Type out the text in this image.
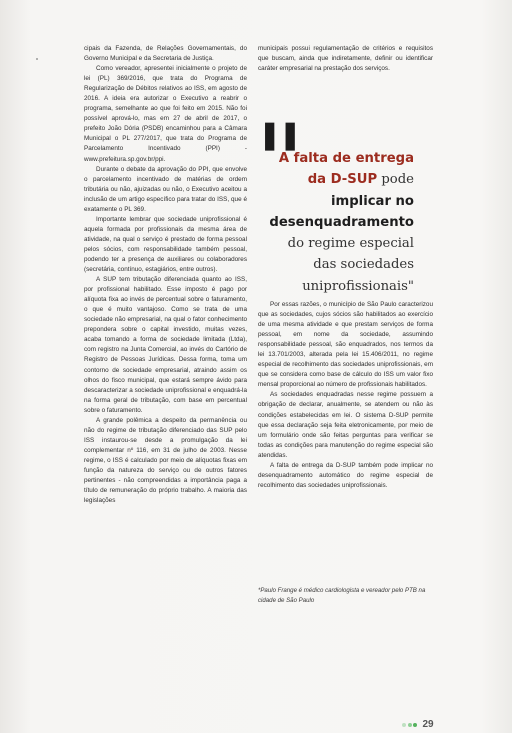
cipais da Fazenda, de Relações Governamentais, do Governo Municipal e da Secretaria de Justiça.

Como vereador, apresentei inicialmente o projeto de lei (PL) 369/2016, que trata do Programa de Regularização de Débitos relativos ao ISS, em agosto de 2016. A ideia era autorizar o Executivo a reabrir o programa, semelhante ao que foi feito em 2015. Não foi possível aprová-lo, mas em 27 de abril de 2017, o prefeito João Dória (PSDB) encaminhou para a Câmara Municipal o PL 277/2017, que trata do Programa de Parcelamento Incentivado (PPI) - www.prefeitura.sp.gov.br/ppi.

Durante o debate da aprovação do PPI, que envolve o parcelamento incentivado de matérias de ordem tributária ou não, ajuizadas ou não, o Executivo aceitou a inclusão de um artigo específico para tratar do ISS, que é exatamente o PL 369.

Importante lembrar que sociedade uniprofissional é aquela formada por profissionais da mesma área de atividade, na qual o serviço é prestado de forma pessoal pelos sócios, com responsabilidade também pessoal, podendo ter a presença de auxiliares ou colaboradores (secretária, contínuo, estagiários, entre outros).

A SUP tem tributação diferenciada quanto ao ISS, por profissional habilitado. Esse imposto é pago por alíquota fixa ao invés de percentual sobre o faturamento, o que é muito vantajoso. Como se trata de uma sociedade não empresarial, na qual o fator conhecimento prepondera sobre o capital investido, muitas vezes, acaba tomando a forma de sociedade limitada (Ltda), com registro na Junta Comercial, ao invés do Cartório de Registro de Pessoas Jurídicas. Dessa forma, toma um contorno de sociedade empresarial, atraindo assim os olhos do fisco municipal, que estará sempre ávido para descaracterizar a sociedade uniprofissional e enquadrá-la na forma geral de tributação, com base em percentual sobre o faturamento.

A grande polêmica a despeito da permanência ou não do regime de tributação diferenciado das SUP pelo ISS instaurou-se desde a promulgação da lei complementar nº 116, em 31 de julho de 2003. Nesse regime, o ISS é calculado por meio de alíquotas fixas em função da natureza do serviço ou de outros fatores pertinentes - não compreendidas a importância paga a título de remuneração do próprio trabalho. A maioria das legislações

municipais possui regulamentação de critérios e requisitos que buscam, ainda que indiretamente, definir ou identificar caráter empresarial na prestação dos serviços.

❚❚
A falta de entrega da D-SUP pode implicar no desenquadramento do regime especial das sociedades uniprofissionais"

Por essas razões, o município de São Paulo caracterizou que as sociedades, cujos sócios são habilitados ao exercício de uma mesma atividade e que prestam serviços de forma pessoal, em nome da sociedade, assumindo responsabilidade pessoal, são enquadrados, nos termos da lei 13.701/2003, alterada pela lei 15.406/2011, no regime especial de recolhimento das sociedades uniprofissionais, em que se considera como base de cálculo do ISS um valor fixo mensal proporcional ao número de profissionais habilitados.

As sociedades enquadradas nesse regime possuem a obrigação de declarar, anualmente, se atendem ou não às condições estabelecidas em lei. O sistema D-SUP permite que essa declaração seja feita eletronicamente, por meio de um formulário onde são feitas perguntas para verificar se todas as condições para manutenção do regime especial são atendidas.

A falta de entrega da D-SUP também pode implicar no desenquadramento automático do regime especial de recolhimento das sociedades uniprofissionais.

*Paulo Frange é médico cardiologista e vereador pelo PTB na cidade de São Paulo
29
